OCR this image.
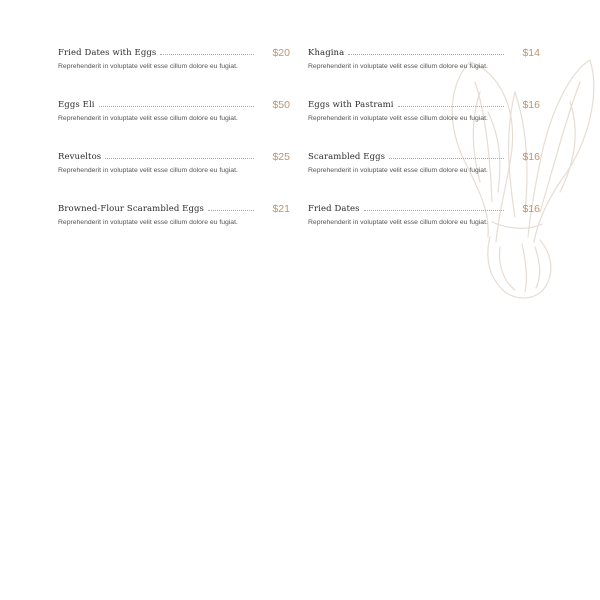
Fried Dates with Eggs	$20
Reprehenderit in voluptate velit esse cillum dolore eu fugiat.
Eggs Eli	$50
Reprehenderit in voluptate velit esse cillum dolore eu fugiat.
Revueltos	$25
Reprehenderit in voluptate velit esse cillum dolore eu fugiat.
Browned-Flour Scarambled Eggs	$21
Reprehenderit in voluptate velit esse cillum dolore eu fugiat.
Khagina	$14
Reprehenderit in voluptate velit esse cillum dolore eu fugiat.
Eggs with Pastrami	$16
Reprehenderit in voluptate velit esse cillum dolore eu fugiat.
Scarambled Eggs	$16
Reprehenderit in voluptate velit esse cillum dolore eu fugiat.
Fried Dates	$16
Reprehenderit in voluptate velit esse cillum dolore eu fugiat.
